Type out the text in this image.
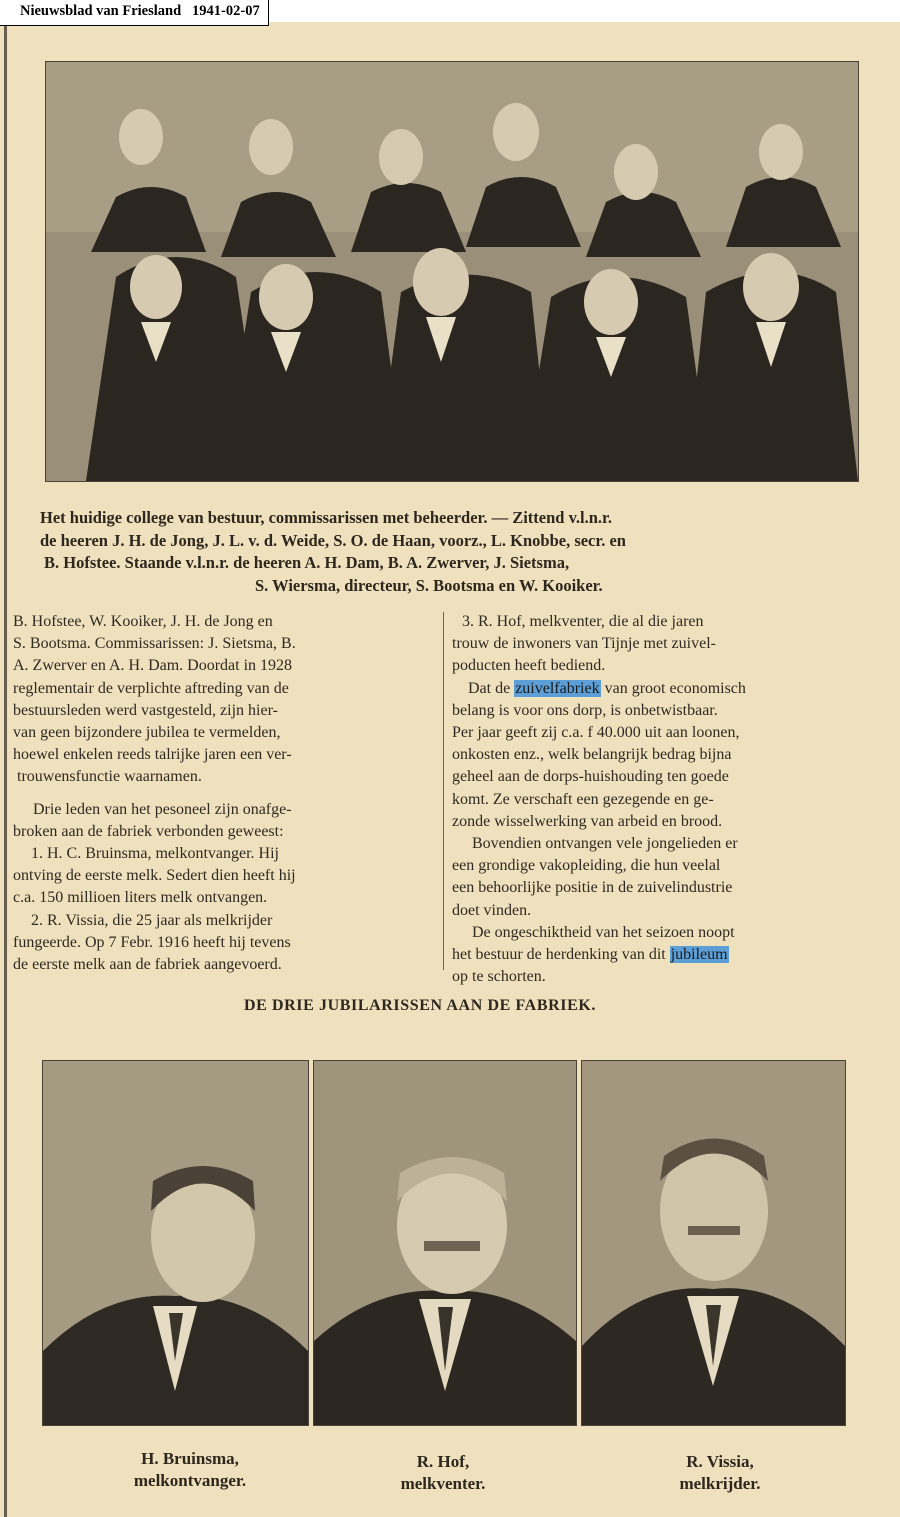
Nieuwsblad van Friesland 1941-02-07
Het huidige college van bestuur, commissarissen met beheerder. — Zittend v.l.n.r.
de heeren J. H. de Jong, J. L. v. d. Weide, S. O. de Haan, voorz., L. Knobbe, secr. en
B. Hofstee. Staande v.l.n.r. de heeren A. H. Dam, B. A. Zwerver, J. Sietsma,
S. Wiersma, directeur, S. Bootsma en W. Kooiker.
B. Hofstee, W. Kooiker, J. H. de Jong en
S. Bootsma. Commissarissen: J. Sietsma, B.
A. Zwerver en A. H. Dam. Doordat in 1928
reglementair de verplichte aftreding van de
bestuursleden werd vastgesteld, zijn hier-
van geen bijzondere jubilea te vermelden,
hoewel enkelen reeds talrijke jaren een ver-
trouwensfunctie waarnamen.
Drie leden van het pesoneel zijn onafge-
broken aan de fabriek verbonden geweest:
1. H. C. Bruinsma, melkontvanger. Hij
ontving de eerste melk. Sedert dien heeft hij
c.a. 150 millioen liters melk ontvangen.
2. R. Vissia, die 25 jaar als melkrijder
fungeerde. Op 7 Febr. 1916 heeft hij tevens
de eerste melk aan de fabriek aangevoerd.
3. R. Hof, melkventer, die al die jaren
trouw de inwoners van Tijnje met zuivel-
poducten heeft bediend.
Dat de zuivelfabriek van groot economisch
belang is voor ons dorp, is onbetwistbaar.
Per jaar geeft zij c.a. f 40.000 uit aan loonen,
onkosten enz., welk belangrijk bedrag bijna
geheel aan de dorps-huishouding ten goede
komt. Ze verschaft een gezegende en ge-
zonde wisselwerking van arbeid en brood.
Bovendien ontvangen vele jongelieden er
een grondige vakopleiding, die hun veelal
een behoorlijke positie in de zuivelindustrie
doet vinden.
De ongeschiktheid van het seizoen noopt
het bestuur de herdenking van dit jubileum
op te schorten.
DE DRIE JUBILARISSEN AAN DE FABRIEK.
H. Bruinsma,
melkontvanger.
R. Hof,
melkventer.
R. Vissia,
melkrijder.
